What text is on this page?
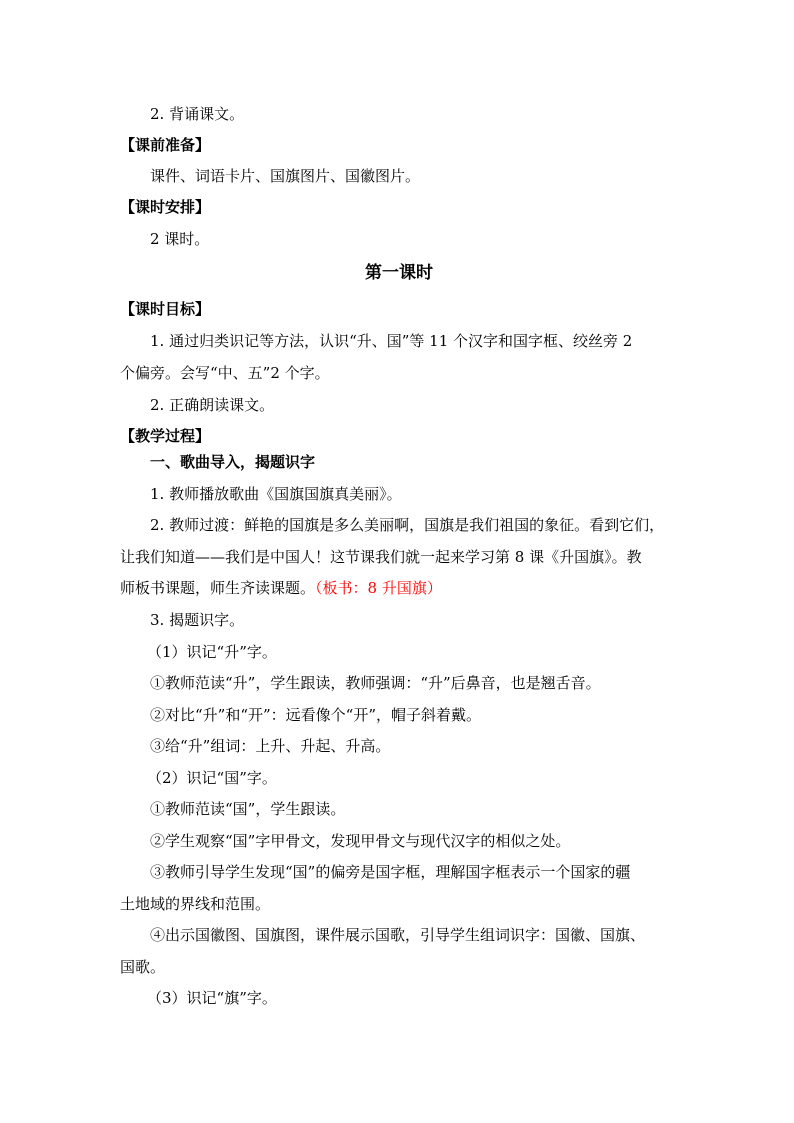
2. 背诵课文。
【课前准备】
课件、词语卡片、国旗图片、国徽图片。
【课时安排】
2 课时。
第一课时
【课时目标】
1. 通过归类识记等方法，认识“升、国”等 11 个汉字和国字框、绞丝旁 2
个偏旁。会写“中、五”2 个字。
2. 正确朗读课文。
【教学过程】
一、歌曲导入，揭题识字
1. 教师播放歌曲《国旗国旗真美丽》。
2. 教师过渡：鲜艳的国旗是多么美丽啊，国旗是我们祖国的象征。看到它们，
让我们知道——我们是中国人！这节课我们就一起来学习第 8 课《升国旗》。教
师板书课题，师生齐读课题。（板书：8 升国旗）
3. 揭题识字。
（1）识记“升”字。
①教师范读“升”，学生跟读，教师强调：“升”后鼻音，也是翘舌音。
②对比“升”和“开”：远看像个“开”，帽子斜着戴。
③给“升”组词：上升、升起、升高。
（2）识记“国”字。
①教师范读“国”，学生跟读。
②学生观察“国”字甲骨文，发现甲骨文与现代汉字的相似之处。
③教师引导学生发现“国”的偏旁是国字框，理解国字框表示一个国家的疆
土地域的界线和范围。
④出示国徽图、国旗图，课件展示国歌，引导学生组词识字：国徽、国旗、
国歌。
（3）识记“旗”字。
